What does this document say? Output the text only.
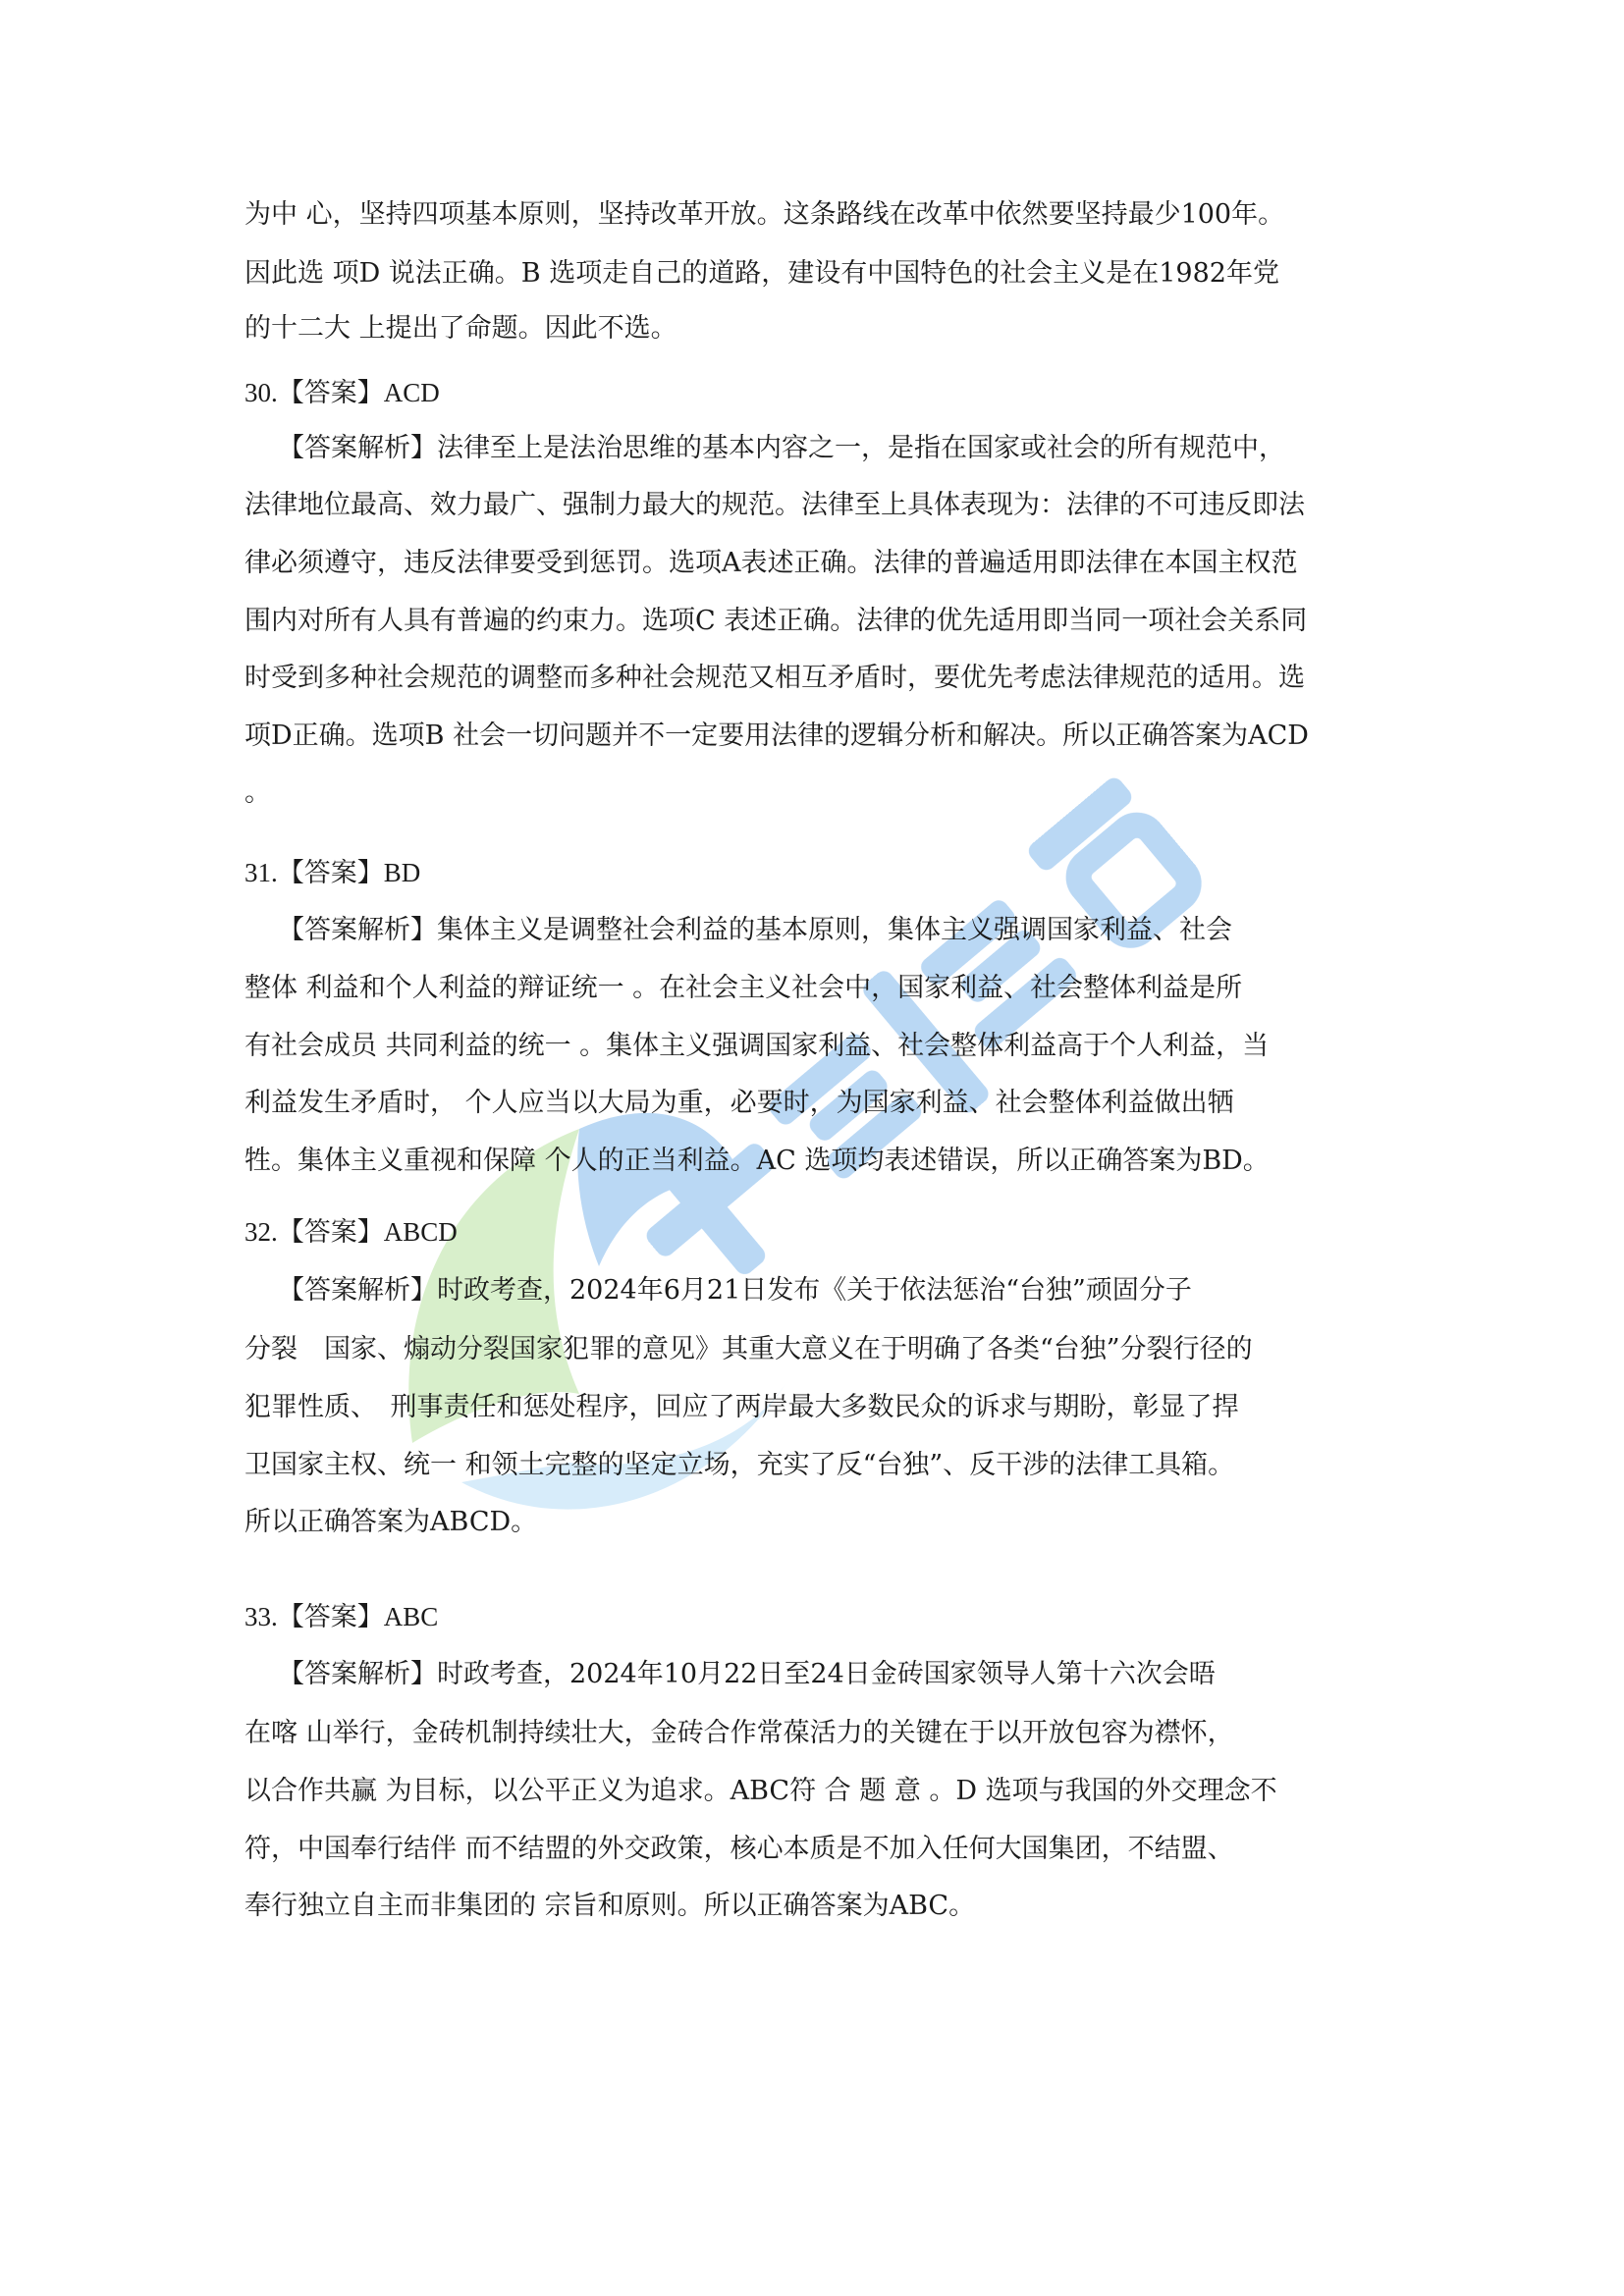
为中 心，坚持四项基本原则，坚持改革开放。这条路线在改革中依然要坚持最少100年。
因此选 项D 说法正确。B 选项走自己的道路，建设有中国特色的社会主义是在1982年党
的十二大 上提出了命题。因此不选。
30.【答案】ACD
【答案解析】法律至上是法治思维的基本内容之一，是指在国家或社会的所有规范中，
法律地位最高、效力最广、强制力最大的规范。法律至上具体表现为：法律的不可违反即法
律必须遵守，违反法律要受到惩罚。选项A表述正确。法律的普遍适用即法律在本国主权范
围内对所有人具有普遍的约束力。选项C 表述正确。法律的优先适用即当同一项社会关系同
时受到多种社会规范的调整而多种社会规范又相互矛盾时，要优先考虑法律规范的适用。选
项D正确。选项B 社会一切问题并不一定要用法律的逻辑分析和解决。所以正确答案为ACD
。
31.【答案】BD
【答案解析】集体主义是调整社会利益的基本原则，集体主义强调国家利益、社会
整体 利益和个人利益的辩证统一 。在社会主义社会中，国家利益、社会整体利益是所
有社会成员 共同利益的统一 。集体主义强调国家利益、社会整体利益高于个人利益，当
利益发生矛盾时， 个人应当以大局为重，必要时，为国家利益、社会整体利益做出牺
牲。集体主义重视和保障 个人的正当利益。AC 选项均表述错误，所以正确答案为BD。
32.【答案】ABCD
【答案解析】时政考查，2024年6月21日发布《关于依法惩治“台独”顽固分子
分裂　国家、煽动分裂国家犯罪的意见》其重大意义在于明确了各类“台独”分裂行径的
犯罪性质、　刑事责任和惩处程序，回应了两岸最大多数民众的诉求与期盼，彰显了捍
卫国家主权、统一 和领土完整的坚定立场，充实了反“台独”、反干涉的法律工具箱。
所以正确答案为ABCD。
33.【答案】ABC
【答案解析】时政考查，2024年10月22日至24日金砖国家领导人第十六次会晤
在喀 山举行，金砖机制持续壮大，金砖合作常葆活力的关键在于以开放包容为襟怀，
以合作共赢 为目标，以公平正义为追求。ABC符 合 题 意 。D 选项与我国的外交理念不
符，中国奉行结伴 而不结盟的外交政策，核心本质是不加入任何大国集团，不结盟、
奉行独立自主而非集团的 宗旨和原则。所以正确答案为ABC。
